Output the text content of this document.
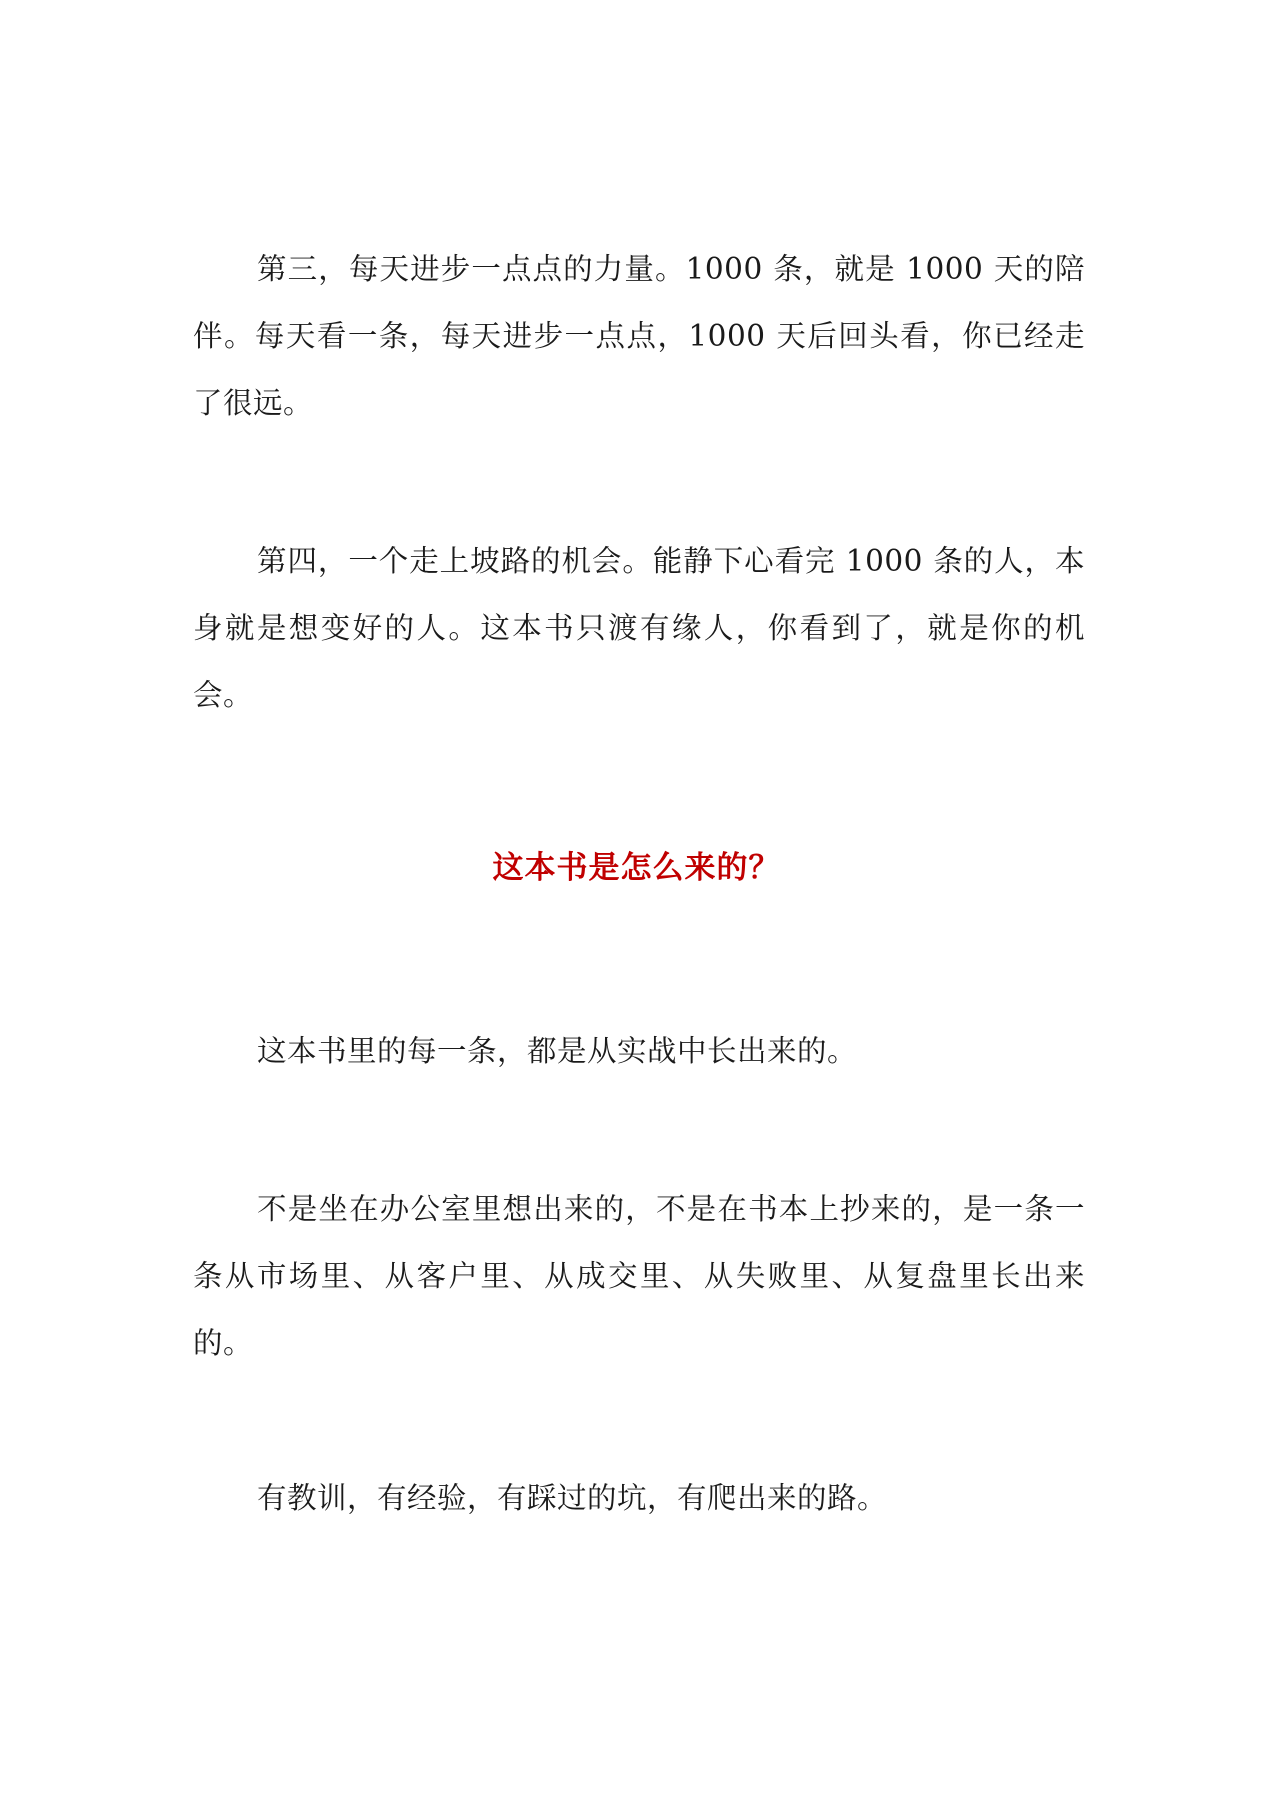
第三，每天进步一点点的力量。1000 条，就是 1000 天的陪伴。每天看一条，每天进步一点点，1000 天后回头看，你已经走了很远。

第四，一个走上坡路的机会。能静下心看完 1000 条的人，本身就是想变好的人。这本书只渡有缘人，你看到了，就是你的机会。

这本书是怎么来的？

这本书里的每一条，都是从实战中长出来的。

不是坐在办公室里想出来的，不是在书本上抄来的，是一条一条从市场里、从客户里、从成交里、从失败里、从复盘里长出来的。

有教训，有经验，有踩过的坑，有爬出来的路。
